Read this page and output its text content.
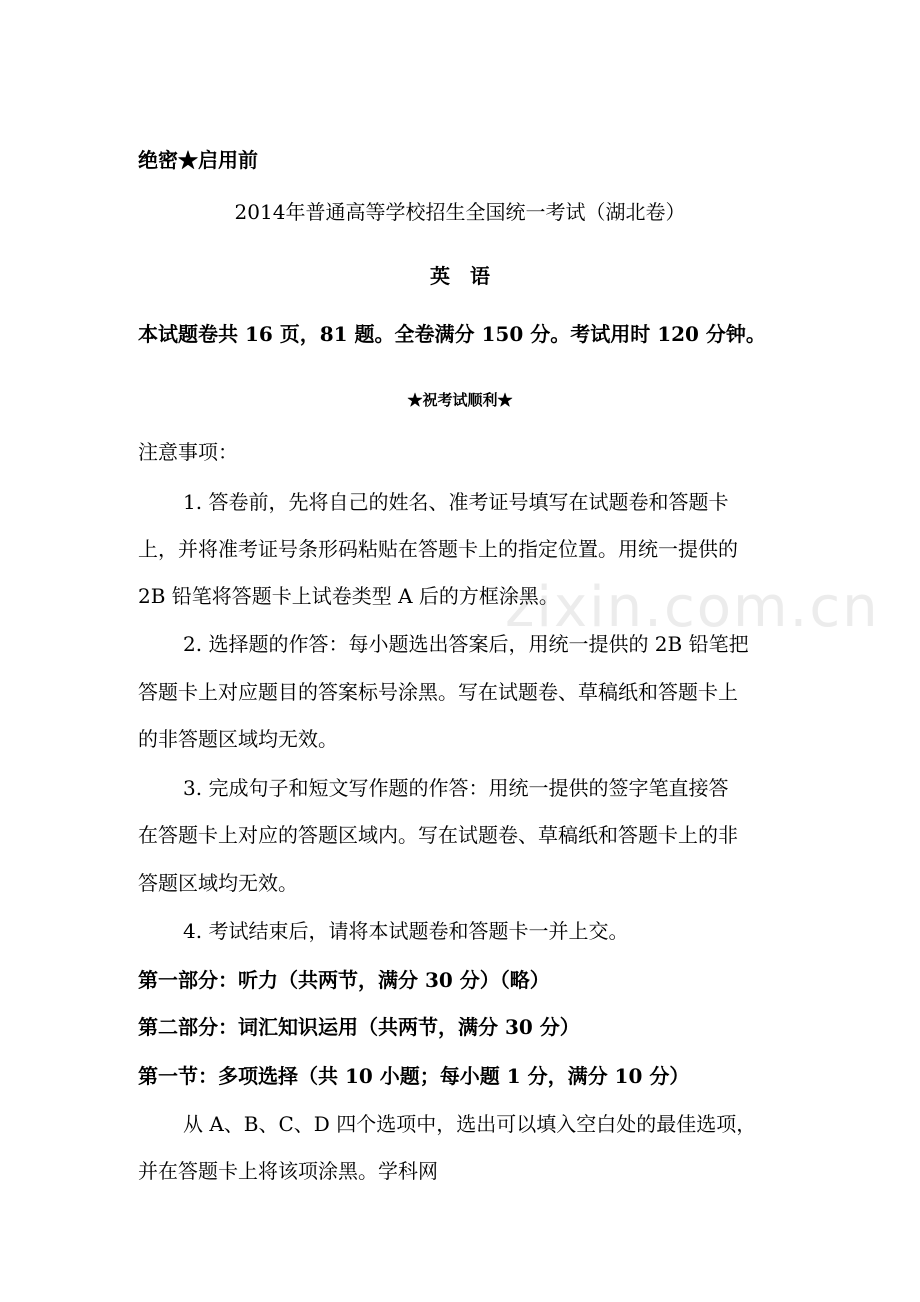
zixin.com.cn
绝密★启用前
2014年普通高等学校招生全国统一考试（湖北卷）
英　语
本试题卷共 16 页，81 题。全卷满分 150 分。考试用时 120 分钟。
★祝考试顺利★
注意事项：
1. 答卷前，先将自己的姓名、准考证号填写在试题卷和答题卡
上，并将准考证号条形码粘贴在答题卡上的指定位置。用统一提供的
2B 铅笔将答题卡上试卷类型 A 后的方框涂黑。
2. 选择题的作答：每小题选出答案后，用统一提供的 2B 铅笔把
答题卡上对应题目的答案标号涂黑。写在试题卷、草稿纸和答题卡上
的非答题区域均无效。
3. 完成句子和短文写作题的作答：用统一提供的签字笔直接答
在答题卡上对应的答题区域内。写在试题卷、草稿纸和答题卡上的非
答题区域均无效。
4. 考试结束后，请将本试题卷和答题卡一并上交。
第一部分：听力（共两节，满分 30 分）（略）
第二部分：词汇知识运用（共两节，满分 30 分）
第一节：多项选择（共 10 小题；每小题 1 分，满分 10 分）
从 A、B、C、D 四个选项中，选出可以填入空白处的最佳选项，
并在答题卡上将该项涂黑。学科网
